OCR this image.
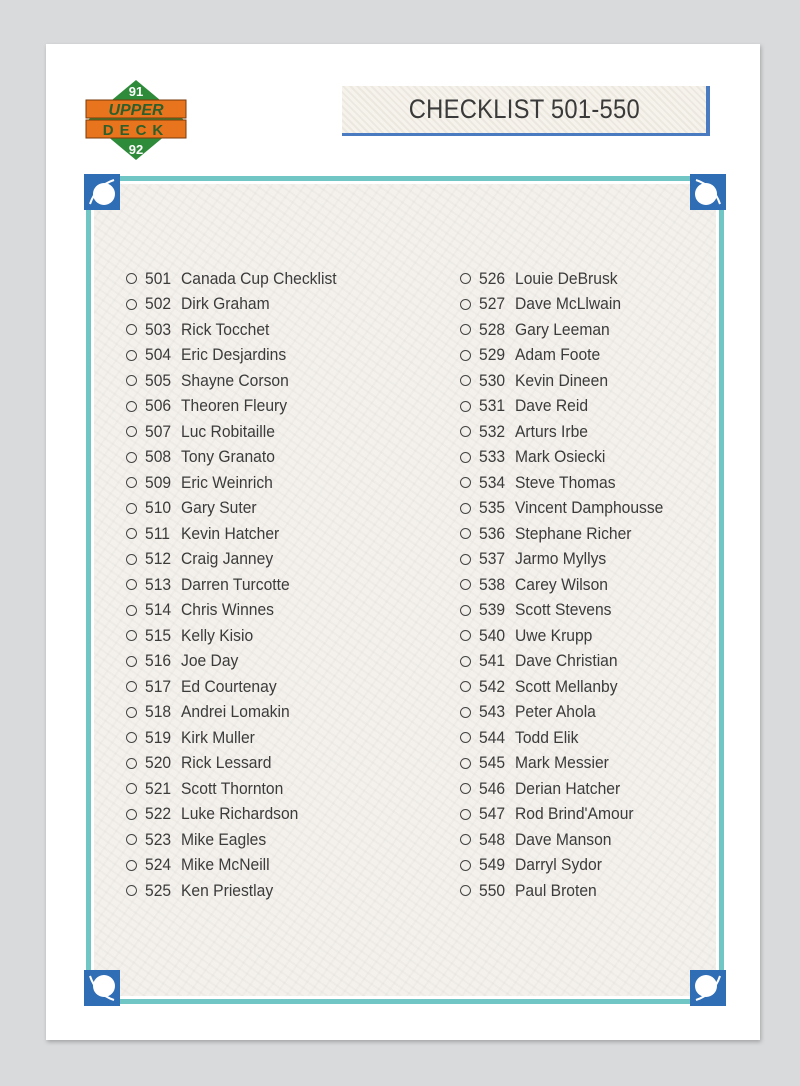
91
UPPER
DECK
92
CHECKLIST 501-550
501 Canada Cup Checklist
502 Dirk Graham
503 Rick Tocchet
504 Eric Desjardins
505 Shayne Corson
506 Theoren Fleury
507 Luc Robitaille
508 Tony Granato
509 Eric Weinrich
510 Gary Suter
511 Kevin Hatcher
512 Craig Janney
513 Darren Turcotte
514 Chris Winnes
515 Kelly Kisio
516 Joe Day
517 Ed Courtenay
518 Andrei Lomakin
519 Kirk Muller
520 Rick Lessard
521 Scott Thornton
522 Luke Richardson
523 Mike Eagles
524 Mike McNeill
525 Ken Priestlay
526 Louie DeBrusk
527 Dave McLlwain
528 Gary Leeman
529 Adam Foote
530 Kevin Dineen
531 Dave Reid
532 Arturs Irbe
533 Mark Osiecki
534 Steve Thomas
535 Vincent Damphousse
536 Stephane Richer
537 Jarmo Myllys
538 Carey Wilson
539 Scott Stevens
540 Uwe Krupp
541 Dave Christian
542 Scott Mellanby
543 Peter Ahola
544 Todd Elik
545 Mark Messier
546 Derian Hatcher
547 Rod Brind'Amour
548 Dave Manson
549 Darryl Sydor
550 Paul Broten
